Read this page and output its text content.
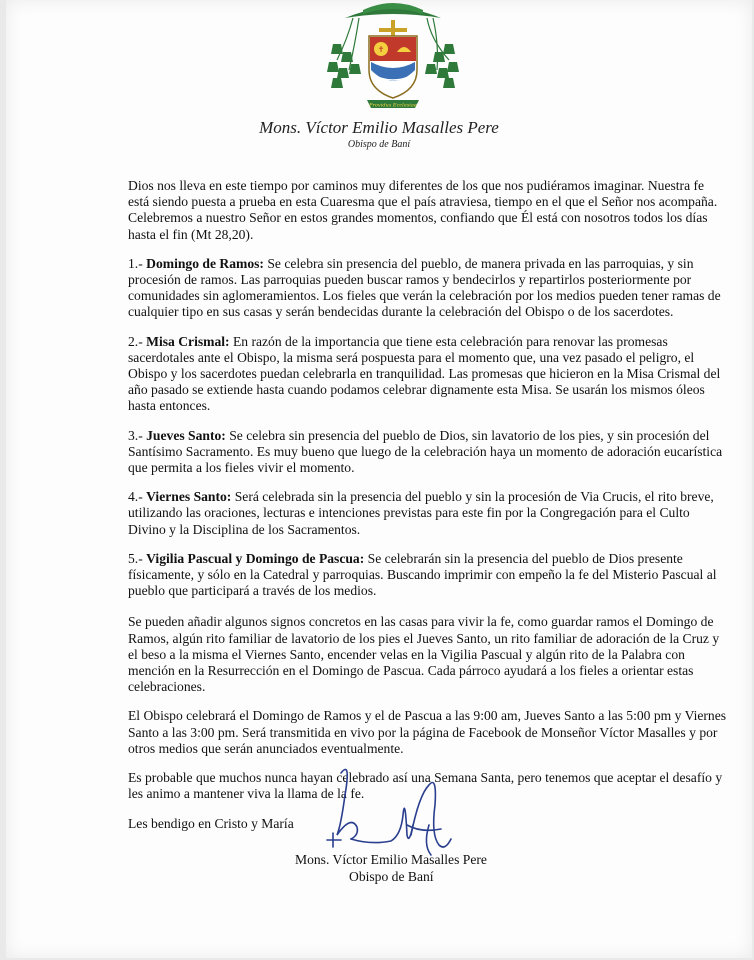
✝
Providus Ecclesiae
Mons. Víctor Emilio Masalles Pere
Obispo de Baní

Dios nos lleva en este tiempo por caminos muy diferentes de los que nos pudiéramos imaginar. Nuestra fe está siendo puesta a prueba en esta Cuaresma que el país atraviesa, tiempo en el que el Señor nos acompaña. Celebremos a nuestro Señor en estos grandes momentos, confiando que Él está con nosotros todos los días hasta el fin (Mt 28,20).

1.- Domingo de Ramos: Se celebra sin presencia del pueblo, de manera privada en las parroquias, y sin procesión de ramos. Las parroquias pueden buscar ramos y bendecirlos y repartirlos posteriormente por comunidades sin aglomeramientos. Los fieles que verán la celebración por los medios pueden tener ramas de cualquier tipo en sus casas y serán bendecidas durante la celebración del Obispo o de los sacerdotes.

2.- Misa Crismal: En razón de la importancia que tiene esta celebración para renovar las promesas sacerdotales ante el Obispo, la misma será pospuesta para el momento que, una vez pasado el peligro, el Obispo y los sacerdotes puedan celebrarla en tranquilidad. Las promesas que hicieron en la Misa Crismal del año pasado se extiende hasta cuando podamos celebrar dignamente esta Misa. Se usarán los mismos óleos hasta entonces.

3.- Jueves Santo: Se celebra sin presencia del pueblo de Dios, sin lavatorio de los pies, y sin procesión del Santísimo Sacramento. Es muy bueno que luego de la celebración haya un momento de adoración eucarística que permita a los fieles vivir el momento.

4.- Viernes Santo: Será celebrada sin la presencia del pueblo y sin la procesión de Via Crucis, el rito breve, utilizando las oraciones, lecturas e intenciones previstas para este fin por la Congregación para el Culto Divino y la Disciplina de los Sacramentos.

5.- Vigilia Pascual y Domingo de Pascua: Se celebrarán sin la presencia del pueblo de Dios presente físicamente, y sólo en la Catedral y parroquias. Buscando imprimir con empeño la fe del Misterio Pascual al pueblo que participará a través de los medios.

Se pueden añadir algunos signos concretos en las casas para vivir la fe, como guardar ramos el Domingo de Ramos, algún rito familiar de lavatorio de los pies el Jueves Santo, un rito familiar de adoración de la Cruz y el beso a la misma el Viernes Santo, encender velas en la Vigilia Pascual y algún rito de la Palabra con mención en la Resurrección en el Domingo de Pascua. Cada párroco ayudará a los fieles a orientar estas celebraciones.

El Obispo celebrará el Domingo de Ramos y el de Pascua a las 9:00 am, Jueves Santo a las 5:00 pm y Viernes Santo a las 3:00 pm. Será transmitida en vivo por la página de Facebook de Monseñor Víctor Masalles y por otros medios que serán anunciados eventualmente.

Es probable que muchos nunca hayan celebrado así una Semana Santa, pero tenemos que aceptar el desafío y les animo a mantener viva la llama de la fe.

Les bendigo en Cristo y María

Mons. Víctor Emilio Masalles Pere
Obispo de Baní
